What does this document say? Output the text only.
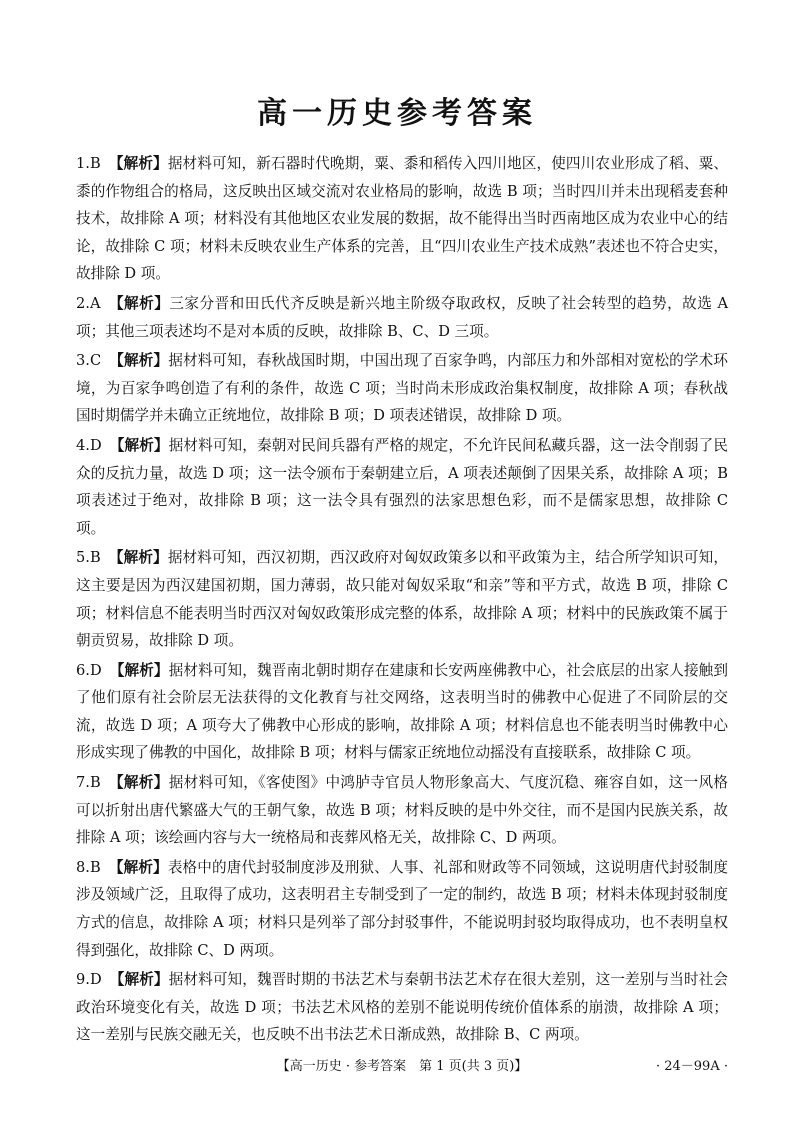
高一历史参考答案

1.B 【解析】据材料可知，新石器时代晚期，粟、黍和稻传入四川地区，使四川农业形成了稻、粟、黍的作物组合的格局，这反映出区域交流对农业格局的影响，故选 B 项；当时四川并未出现稻麦套种技术，故排除 A 项；材料没有其他地区农业发展的数据，故不能得出当时西南地区成为农业中心的结论，故排除 C 项；材料未反映农业生产体系的完善，且“四川农业生产技术成熟”表述也不符合史实，故排除 D 项。

2.A 【解析】三家分晋和田氏代齐反映是新兴地主阶级夺取政权，反映了社会转型的趋势，故选 A 项；其他三项表述均不是对本质的反映，故排除 B、C、D 三项。

3.C 【解析】据材料可知，春秋战国时期，中国出现了百家争鸣，内部压力和外部相对宽松的学术环境，为百家争鸣创造了有利的条件，故选 C 项；当时尚未形成政治集权制度，故排除 A 项；春秋战国时期儒学并未确立正统地位，故排除 B 项；D 项表述错误，故排除 D 项。

4.D 【解析】据材料可知，秦朝对民间兵器有严格的规定，不允许民间私藏兵器，这一法令削弱了民众的反抗力量，故选 D 项；这一法令颁布于秦朝建立后，A 项表述颠倒了因果关系，故排除 A 项；B 项表述过于绝对，故排除 B 项；这一法令具有强烈的法家思想色彩，而不是儒家思想，故排除 C 项。

5.B 【解析】据材料可知，西汉初期，西汉政府对匈奴政策多以和平政策为主，结合所学知识可知，这主要是因为西汉建国初期，国力薄弱，故只能对匈奴采取“和亲”等和平方式，故选 B 项，排除 C 项；材料信息不能表明当时西汉对匈奴政策形成完整的体系，故排除 A 项；材料中的民族政策不属于朝贡贸易，故排除 D 项。

6.D 【解析】据材料可知，魏晋南北朝时期存在建康和长安两座佛教中心，社会底层的出家人接触到了他们原有社会阶层无法获得的文化教育与社交网络，这表明当时的佛教中心促进了不同阶层的交流，故选 D 项；A 项夸大了佛教中心形成的影响，故排除 A 项；材料信息也不能表明当时佛教中心形成实现了佛教的中国化，故排除 B 项；材料与儒家正统地位动摇没有直接联系，故排除 C 项。

7.B 【解析】据材料可知，《客使图》中鸿胪寺官员人物形象高大、气度沉稳、雍容自如，这一风格可以折射出唐代繁盛大气的王朝气象，故选 B 项；材料反映的是中外交往，而不是国内民族关系，故排除 A 项；该绘画内容与大一统格局和丧葬风格无关，故排除 C、D 两项。

8.B 【解析】表格中的唐代封驳制度涉及刑狱、人事、礼部和财政等不同领域，这说明唐代封驳制度涉及领域广泛，且取得了成功，这表明君主专制受到了一定的制约，故选 B 项；材料未体现封驳制度方式的信息，故排除 A 项；材料只是列举了部分封驳事件，不能说明封驳均取得成功，也不表明皇权得到强化，故排除 C、D 两项。

9.D 【解析】据材料可知，魏晋时期的书法艺术与秦朝书法艺术存在很大差别，这一差别与当时社会政治环境变化有关，故选 D 项；书法艺术风格的差别不能说明传统价值体系的崩溃，故排除 A 项；这一差别与民族交融无关，也反映不出书法艺术日渐成熟，故排除 B、C 两项。

【高一历史 · 参考答案　第 1 页(共 3 页)】	· 24－99A ·
